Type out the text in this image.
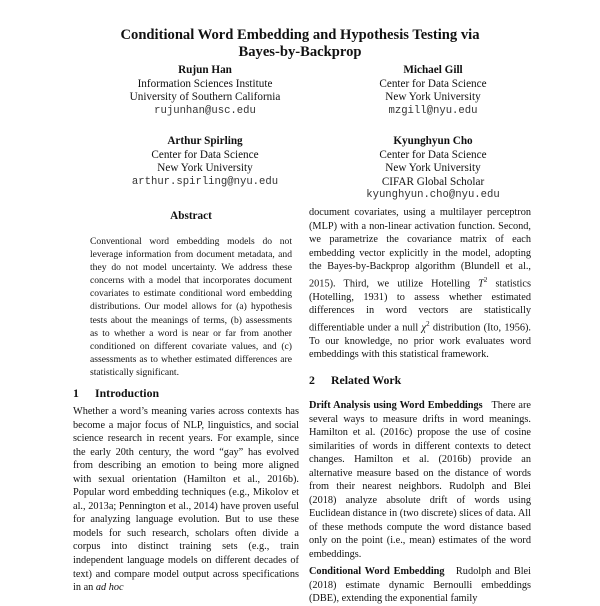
Conditional Word Embedding and Hypothesis Testing via
Bayes-by-Backprop
Rujun Han
Information Sciences Institute
University of Southern California
rujunhan@usc.edu
Michael Gill
Center for Data Science
New York University
mzgill@nyu.edu
Arthur Spirling
Center for Data Science
New York University
arthur.spirling@nyu.edu
Kyunghyun Cho
Center for Data Science
New York University
CIFAR Global Scholar
kyunghyun.cho@nyu.edu
Abstract

Conventional word embedding models do not leverage information from document metadata, and they do not model uncertainty. We address these concerns with a model that incorporates document covariates to estimate conditional word embedding distributions. Our model allows for (a) hypothesis tests about the meanings of terms, (b) assessments as to whether a word is near or far from another conditioned on different covariate values, and (c) assessments as to whether estimated differences are statistically significant.

1 Introduction

Whether a word’s meaning varies across contexts has become a major focus of NLP, linguistics, and social science research in recent years. For example, since the early 20th century, the word “gay” has evolved from describing an emotion to being more aligned with sexual orientation (Hamilton et al., 2016b). Popular word embedding techniques (e.g., Mikolov et al., 2013a; Pennington et al., 2014) have proven useful for analyzing language evolution. But to use these models for such research, scholars often divide a corpus into distinct training sets (e.g., train independent language models on different decades of text) and compare model output across specifications in an ad hoc

document covariates, using a multilayer perceptron (MLP) with a non-linear activation function. Second, we parametrize the covariance matrix of each embedding vector explicitly in the model, adopting the Bayes-by-Backprop algorithm (Blundell et al., 2015). Third, we utilize Hotelling $T^2$ statistics (Hotelling, 1931) to assess whether estimated differences in word vectors are statistically differentiable under a null $\chi^2$ distribution (Ito, 1956). To our knowledge, no prior work evaluates word embeddings with this statistical framework.

2 Related Work

Drift Analysis using Word Embeddings There are several ways to measure drifts in word meanings. Hamilton et al. (2016c) propose the use of cosine similarities of words in different contexts to detect changes. Hamilton et al. (2016b) provide an alternative measure based on the distance of words from their nearest neighbors. Rudolph and Blei (2018) analyze absolute drift of words using Euclidean distance in (two discrete) slices of data. All of these methods compute the word distance based only on the point (i.e., mean) estimates of the word embeddings.

Conditional Word Embedding Rudolph and Blei (2018) estimate dynamic Bernoulli embeddings (DBE), extending the exponential family
